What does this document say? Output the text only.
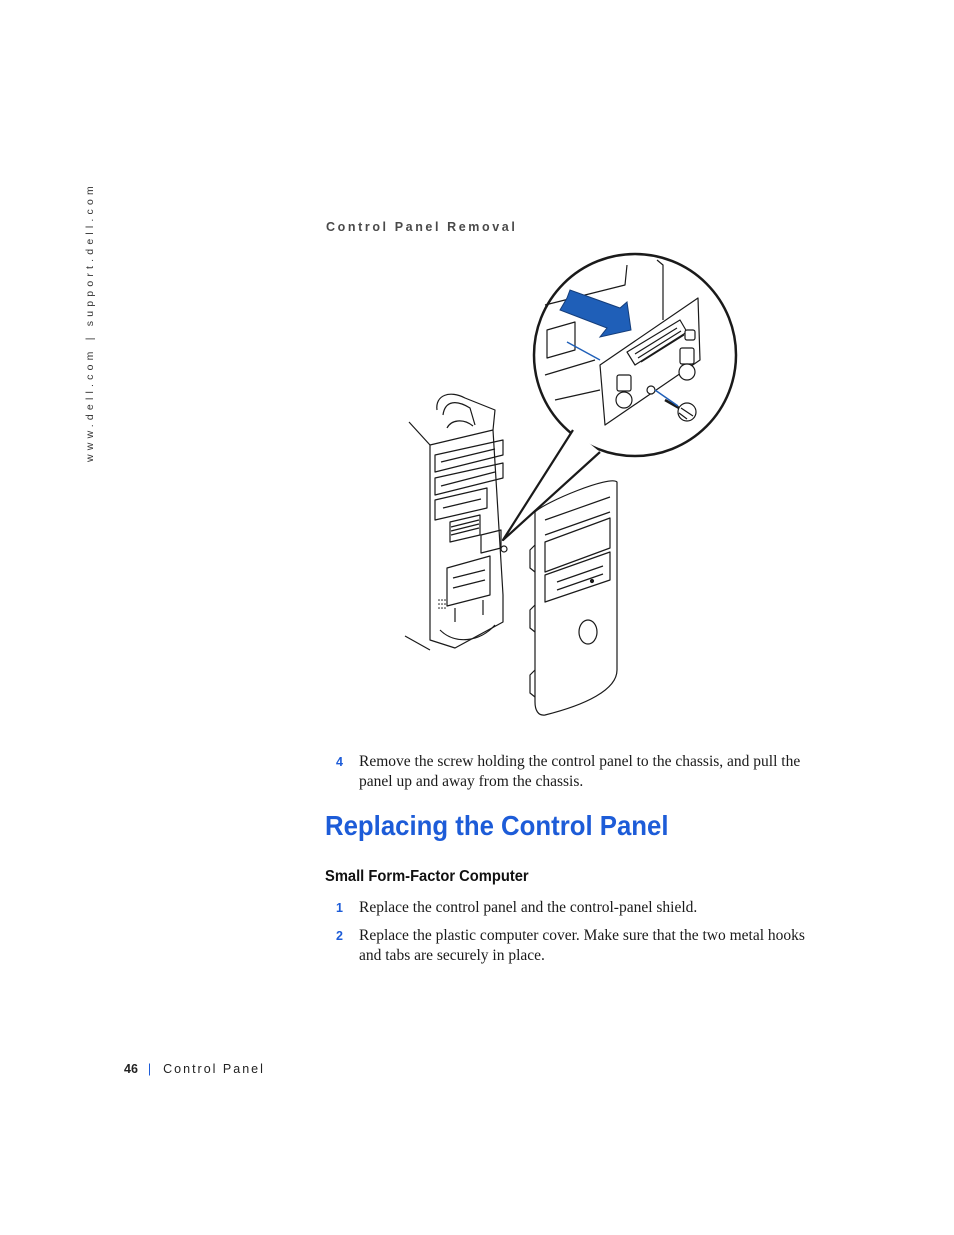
www.dell.com | support.dell.com	Control Panel Removal
4 Remove the screw holding the control panel to the chassis, and pull the panel up and away from the chassis.
Replacing the Control Panel
Small Form-Factor Computer
1 Replace the control panel and the control-panel shield.
2 Replace the plastic computer cover. Make sure that the two metal hooks and tabs are securely in place.
46 | Control Panel
